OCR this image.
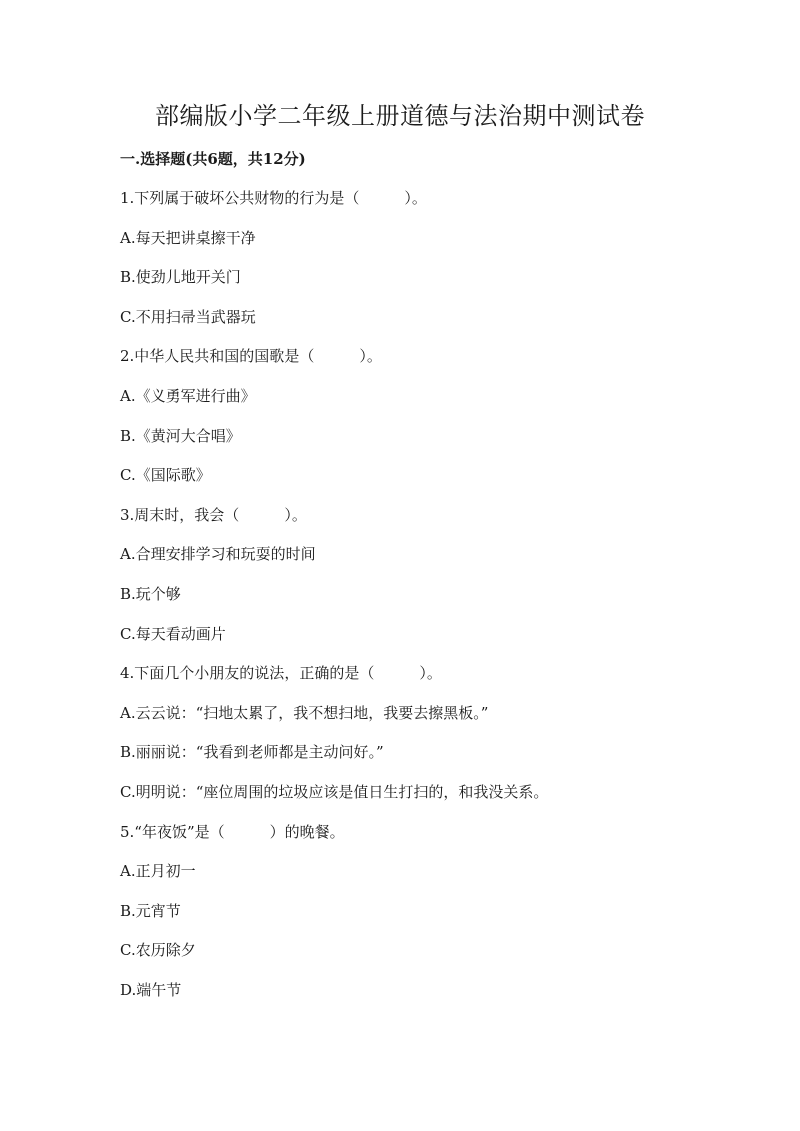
部编版小学二年级上册道德与法治期中测试卷
一.选择题(共6题，共12分)
1.下列属于破坏公共财物的行为是（　　　）。
A.每天把讲桌擦干净
B.使劲儿地开关门
C.不用扫帚当武器玩
2.中华人民共和国的国歌是（　　　）。
A.《义勇军进行曲》
B.《黄河大合唱》
C.《国际歌》
3.周末时，我会（　　　）。
A.合理安排学习和玩耍的时间
B.玩个够
C.每天看动画片
4.下面几个小朋友的说法，正确的是（　　　）。
A.云云说：“扫地太累了，我不想扫地，我要去擦黑板。”
B.丽丽说：“我看到老师都是主动问好。”
C.明明说：“座位周围的垃圾应该是值日生打扫的，和我没关系。
5.“年夜饭”是（　　　）的晚餐。
A.正月初一
B.元宵节
C.农历除夕
D.端午节
